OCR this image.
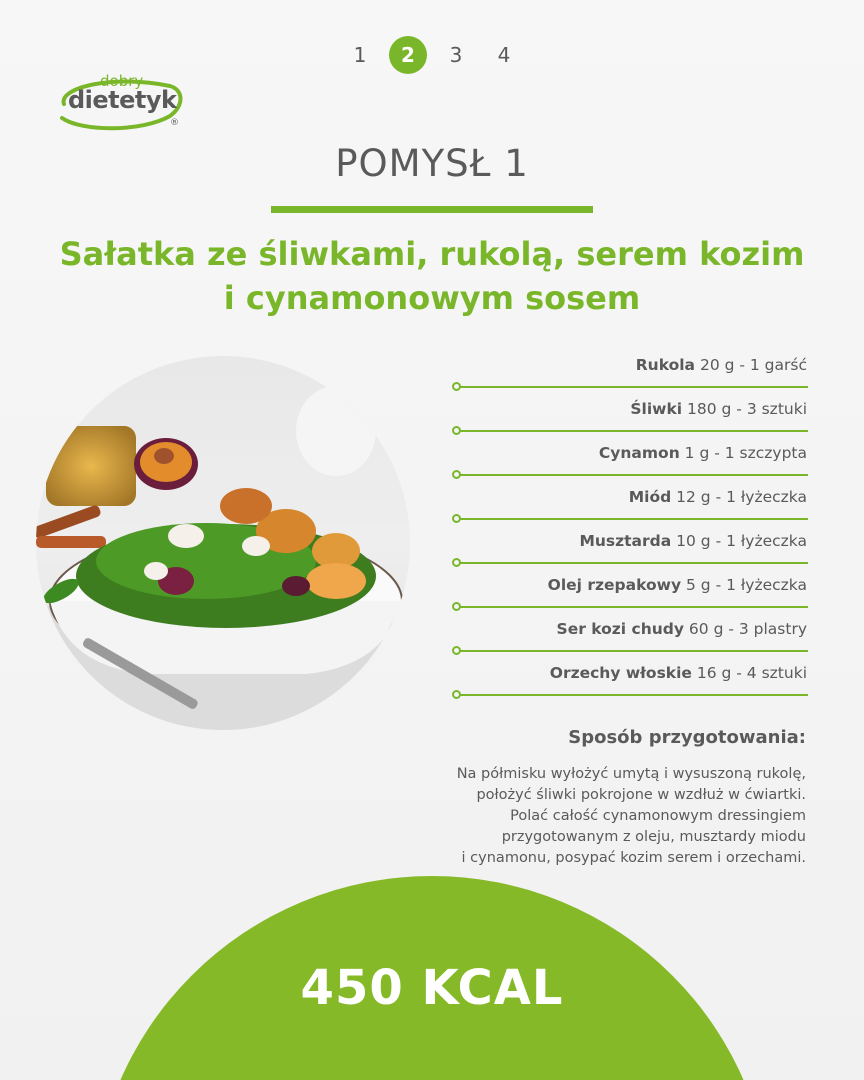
dobry
dietetyk
®
1	2	3	4
POMYSŁ 1
Sałatka ze śliwkami, rukolą, serem kozim
i cynamonowym sosem
Rukola 20 g - 1 garść
Śliwki 180 g - 3 sztuki
Cynamon 1 g - 1 szczypta
Miód 12 g - 1 łyżeczka
Musztarda 10 g - 1 łyżeczka
Olej rzepakowy 5 g - 1 łyżeczka
Ser kozi chudy 60 g - 3 plastry
Orzechy włoskie 16 g - 4 sztuki
Sposób przygotowania:
Na półmisku wyłożyć umytą i wysuszoną rukolę,
położyć śliwki pokrojone w wzdłuż w ćwiartki.
Polać całość cynamonowym dressingiem
przygotowanym z oleju, musztardy miodu
i cynamonu, posypać kozim serem i orzechami.
450 KCAL
